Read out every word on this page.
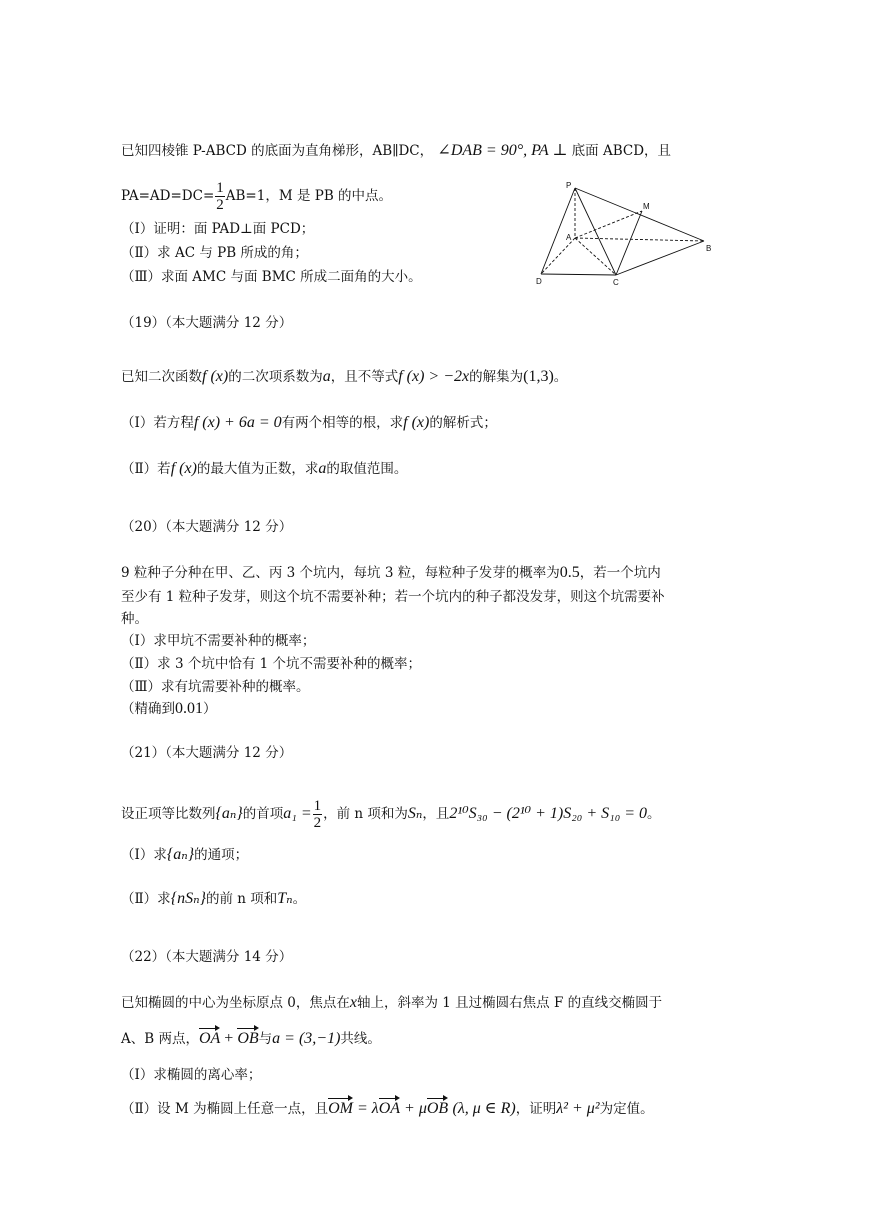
已知四棱锥 P-ABCD 的底面为直角梯形，AB∥DC， ∠DAB = 90°, PA ⊥ 底面 ABCD，且
$PA=AD=DC= \frac{1}{2} AB=1$，M 是 PB 的中点。
（Ⅰ）证明：面 PAD⊥面 PCD；
（Ⅱ）求 AC 与 PB 所成的角；
（Ⅲ）求面 AMC 与面 BMC 所成二面角的大小。
P
M
A
B
C
D
（19）（本大题满分 12 分）
已知二次函数f (x)的二次项系数为a，且不等式f (x) > −2x的解集为(1,3)。
（Ⅰ）若方程f (x) + 6a = 0有两个相等的根，求f (x)的解析式；
（Ⅱ）若f (x)的最大值为正数，求a的取值范围。
（20）（本大题满分 12 分）
9 粒种子分种在甲、乙、丙 3 个坑内，每坑 3 粒，每粒种子发芽的概率为0.5，若一个坑内
至少有 1 粒种子发芽，则这个坑不需要补种；若一个坑内的种子都没发芽，则这个坑需要补
种。
（Ⅰ）求甲坑不需要补种的概率；
（Ⅱ）求 3 个坑中恰有 1 个坑不需要补种的概率；
（Ⅲ）求有坑需要补种的概率。
（精确到0.01）
（21）（本大题满分 12 分）
设正项等比数列{aₙ}的首项$a_1 = \frac{1}{2}$ ，前 n 项和为Sₙ，且2¹⁰S₃₀ − (2¹⁰ + 1)S₂₀ + S₁₀ = 0。
（Ⅰ）求{aₙ}的通项；
（Ⅱ）求{nSₙ}的前 n 项和Tₙ。
（22）（本大题满分 14 分）
已知椭圆的中心为坐标原点 0，焦点在x轴上，斜率为 1 且过椭圆右焦点 F 的直线交椭圆于
A、B 两点，OA + OB与a = (3,−1)共线。
（Ⅰ）求椭圆的离心率；
（Ⅱ）设 M 为椭圆上任意一点，且OM = λOA + μOB (λ, μ ∈ R)，证明λ² + μ²为定值。
